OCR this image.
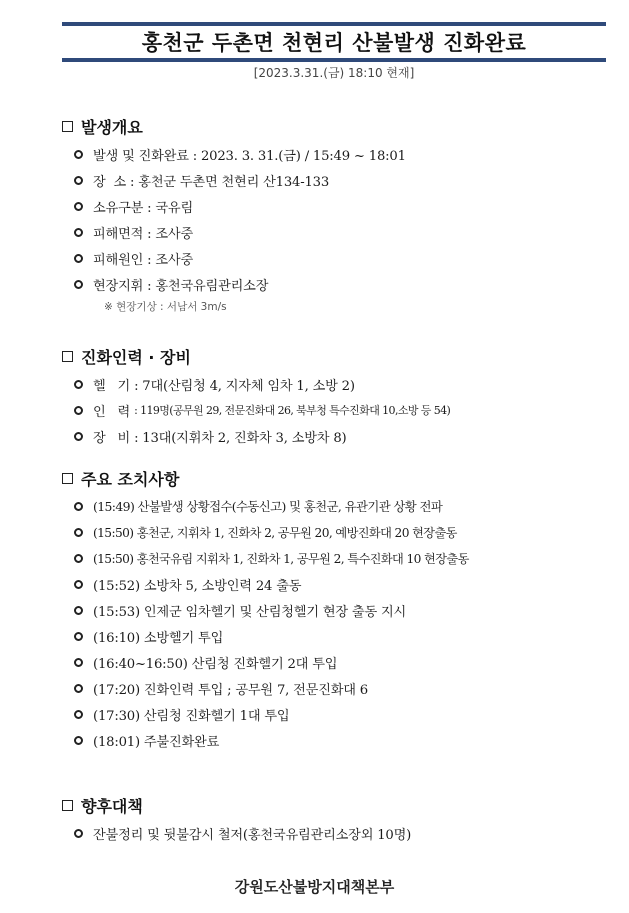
홍천군 두촌면 천현리 산불발생 진화완료
[2023.3.31.(금) 18:10 현재]
발생개요
발생 및 진화완료 : 2023. 3. 31.(금) / 15:49 ~ 18:01
장  소 : 홍천군 두촌면 천현리 산134-133
소유구분 : 국유림
피해면적 : 조사중
피해원인 : 조사중
현장지휘 : 홍천국유림관리소장
※ 현장기상 : 서남서 3m/s
진화인력 · 장비
헬   기 : 7대(산림청 4, 지자체 임차 1, 소방 2)
인   력 : 119명(공무원 29, 전문진화대 26, 북부청 특수진화대 10,소방 등 54)
장   비 : 13대(지휘차 2, 진화차 3, 소방차 8)
주요 조치사항
(15:49) 산불발생 상황접수(수동신고) 및 홍천군, 유관기관 상황 전파
(15:50) 홍천군, 지휘차 1, 진화차 2, 공무원 20, 예방진화대 20 현장출동
(15:50) 홍천국유림 지휘차 1, 진화차 1, 공무원 2, 특수진화대 10 현장출동
(15:52) 소방차 5, 소방인력 24 출동
(15:53) 인제군 임차헬기 및 산림청헬기 현장 출동 지시
(16:10) 소방헬기 투입
(16:40~16:50) 산림청 진화헬기 2대 투입
(17:20) 진화인력 투입 ; 공무원 7, 전문진화대 6
(17:30) 산림청 진화헬기 1대 투입
(18:01) 주불진화완료
향후대책
잔불정리 및 뒷불감시 철저(홍천국유림관리소장외 10명)
강원도산불방지대책본부
